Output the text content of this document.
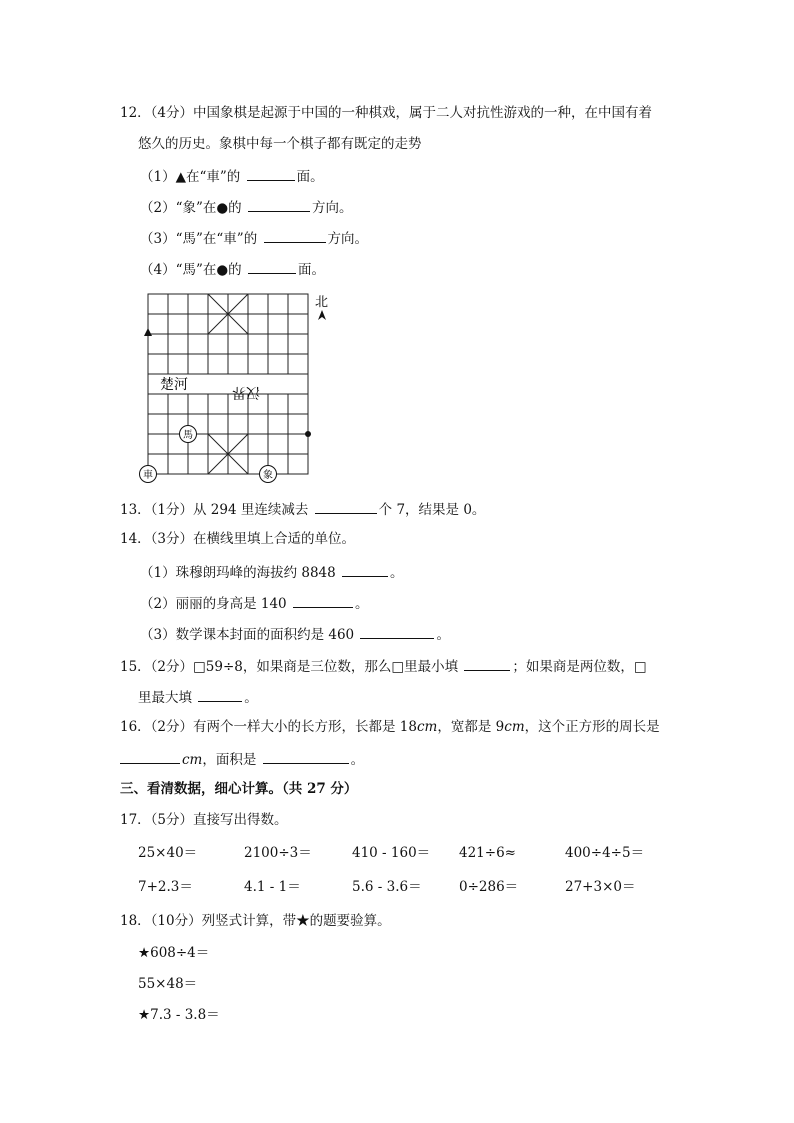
12．（4分）中国象棋是起源于中国的一种棋戏，属于二人对抗性游戏的一种，在中国有着
悠久的历史。象棋中每一个棋子都有既定的走势
（1）▲在“車”的	面。
（2）“象”在●的	方向。
（3）“馬”在“車”的	方向。
（4）“馬”在●的	面。
楚河	汉界
北
馬
車	象
13．（1分）从 294 里连续减去	个 7，结果是 0。
14．（3分）在横线里填上合适的单位。
（1）珠穆朗玛峰的海拔约 8848	。
（2）丽丽的身高是 140	。
（3）数学课本封面的面积约是 460	。
15．（2分）□59÷8，如果商是三位数，那么□里最小填	；如果商是两位数，□
里最大填	。
16．（2分）有两个一样大小的长方形，长都是 18cm，宽都是 9cm，这个正方形的周长是
cm，面积是	。
三、看清数据，细心计算。（共 27 分）
17．（5分）直接写出得数。
25×40＝	2100÷3＝	410 - 160＝ 421÷6≈	400÷4÷5＝
7+2.3＝	4.1 - 1＝	5.6 - 3.6＝	0÷286＝	27+3×0＝
18．（10分）列竖式计算，带★的题要验算。
★608÷4＝
55×48＝
★7.3 - 3.8＝
